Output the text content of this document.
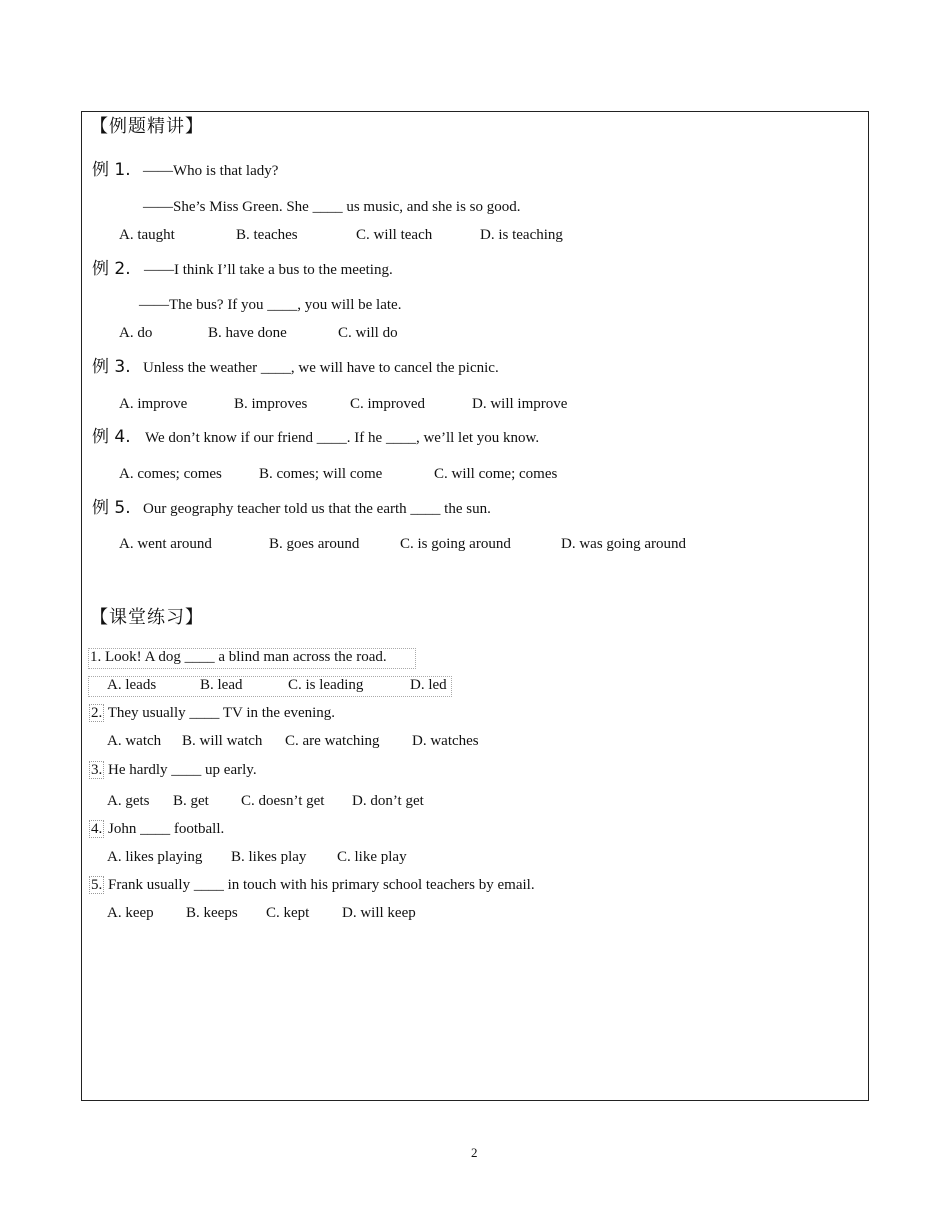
【例题精讲】
例 1. ——Who is that lady?
——She’s Miss Green. She ____ us music, and she is so good.
A. taught	B. teaches	C. will teach	D. is teaching
例 2. ——I think I’ll take a bus to the meeting.
——The bus? If you ____, you will be late.
A. do	B. have done	C. will do
例 3. Unless the weather ____, we will have to cancel the picnic.
A. improve	B. improves	C. improved	D. will improve
例 4. We don’t know if our friend ____. If he ____, we’ll let you know.
A. comes; comes B. comes; will come	C. will come; comes
例 5. Our geography teacher told us that the earth ____ the sun.
A. went around	B. goes around	C. is going around	D. was going around
【课堂练习】
1. Look! A dog ____ a blind man across the road.
A. leads	B. lead	C. is leading	D. led
2. They usually ____ TV in the evening.
A. watch B. will watch C. are watching D. watches
3. He hardly ____ up early.
A. gets B. get C. doesn’t get D. don’t get
4. John ____ football.
A. likes playing B. likes play C. like play
5. Frank usually ____ in touch with his primary school teachers by email.
A. keep B. keeps C. kept D. will keep
2
